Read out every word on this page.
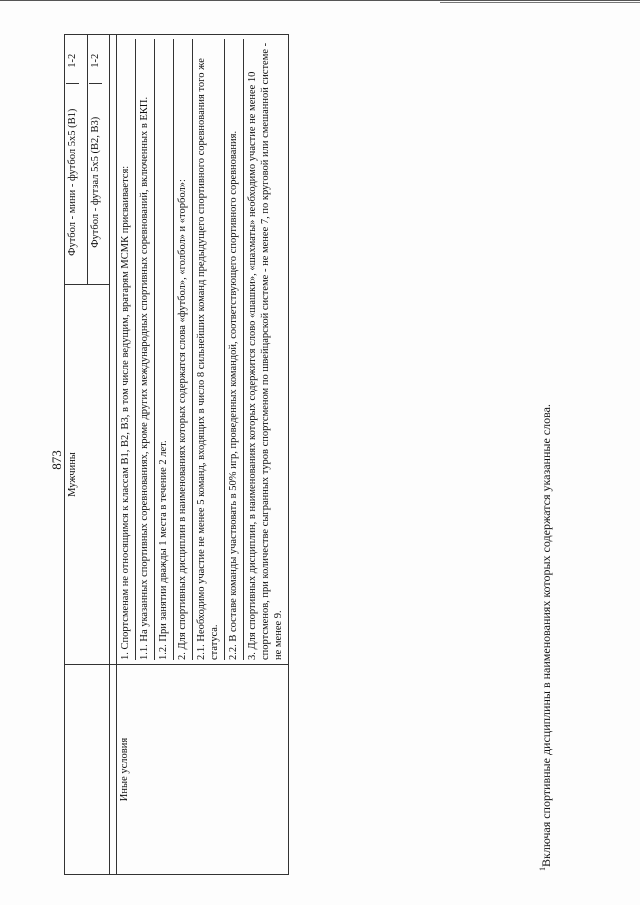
873
	Мужчины	
Футбол - мини - футбол 5x5 (B1)	1-2

Футбол - футзал 5x5 (B2, B3)	1-2

Иные условия	
1. Спортсменам не относящимся к классам B1, B2, B3, в том числе ведущим, вратарям МСМК присваивается: 1.1. На указанных спортивных соревнованиях, кроме других международных спортивных соревнований, включенных в ЕКП. 1.2. При занятии дважды 1 места в течение 2 лет. 2. Для спортивных дисциплин в наименованиях которых содержатся слова «футбол», «голбол» и «торбол»: 2.1. Необходимо участие не менее 5 команд, входящих в число 8 сильнейших команд предыдущего спортивного соревнования того же статуса. 2.2. В составе команды участвовать в 50% игр, проведенных командой, соответствующего спортивного соревнования. 3. Для спортивных дисциплин, в наименованиях которых содержится слово «шашки», «шахматы» необходимо участие не менее 10 спортсменов, при количестве сыгранных туров спортсменом по швейцарской системе - не менее 7, по круговой или смешанной системе - не менее 9.
$^1$Включая спортивные дисциплины в наименованиях которых содержатся указанные слова.
